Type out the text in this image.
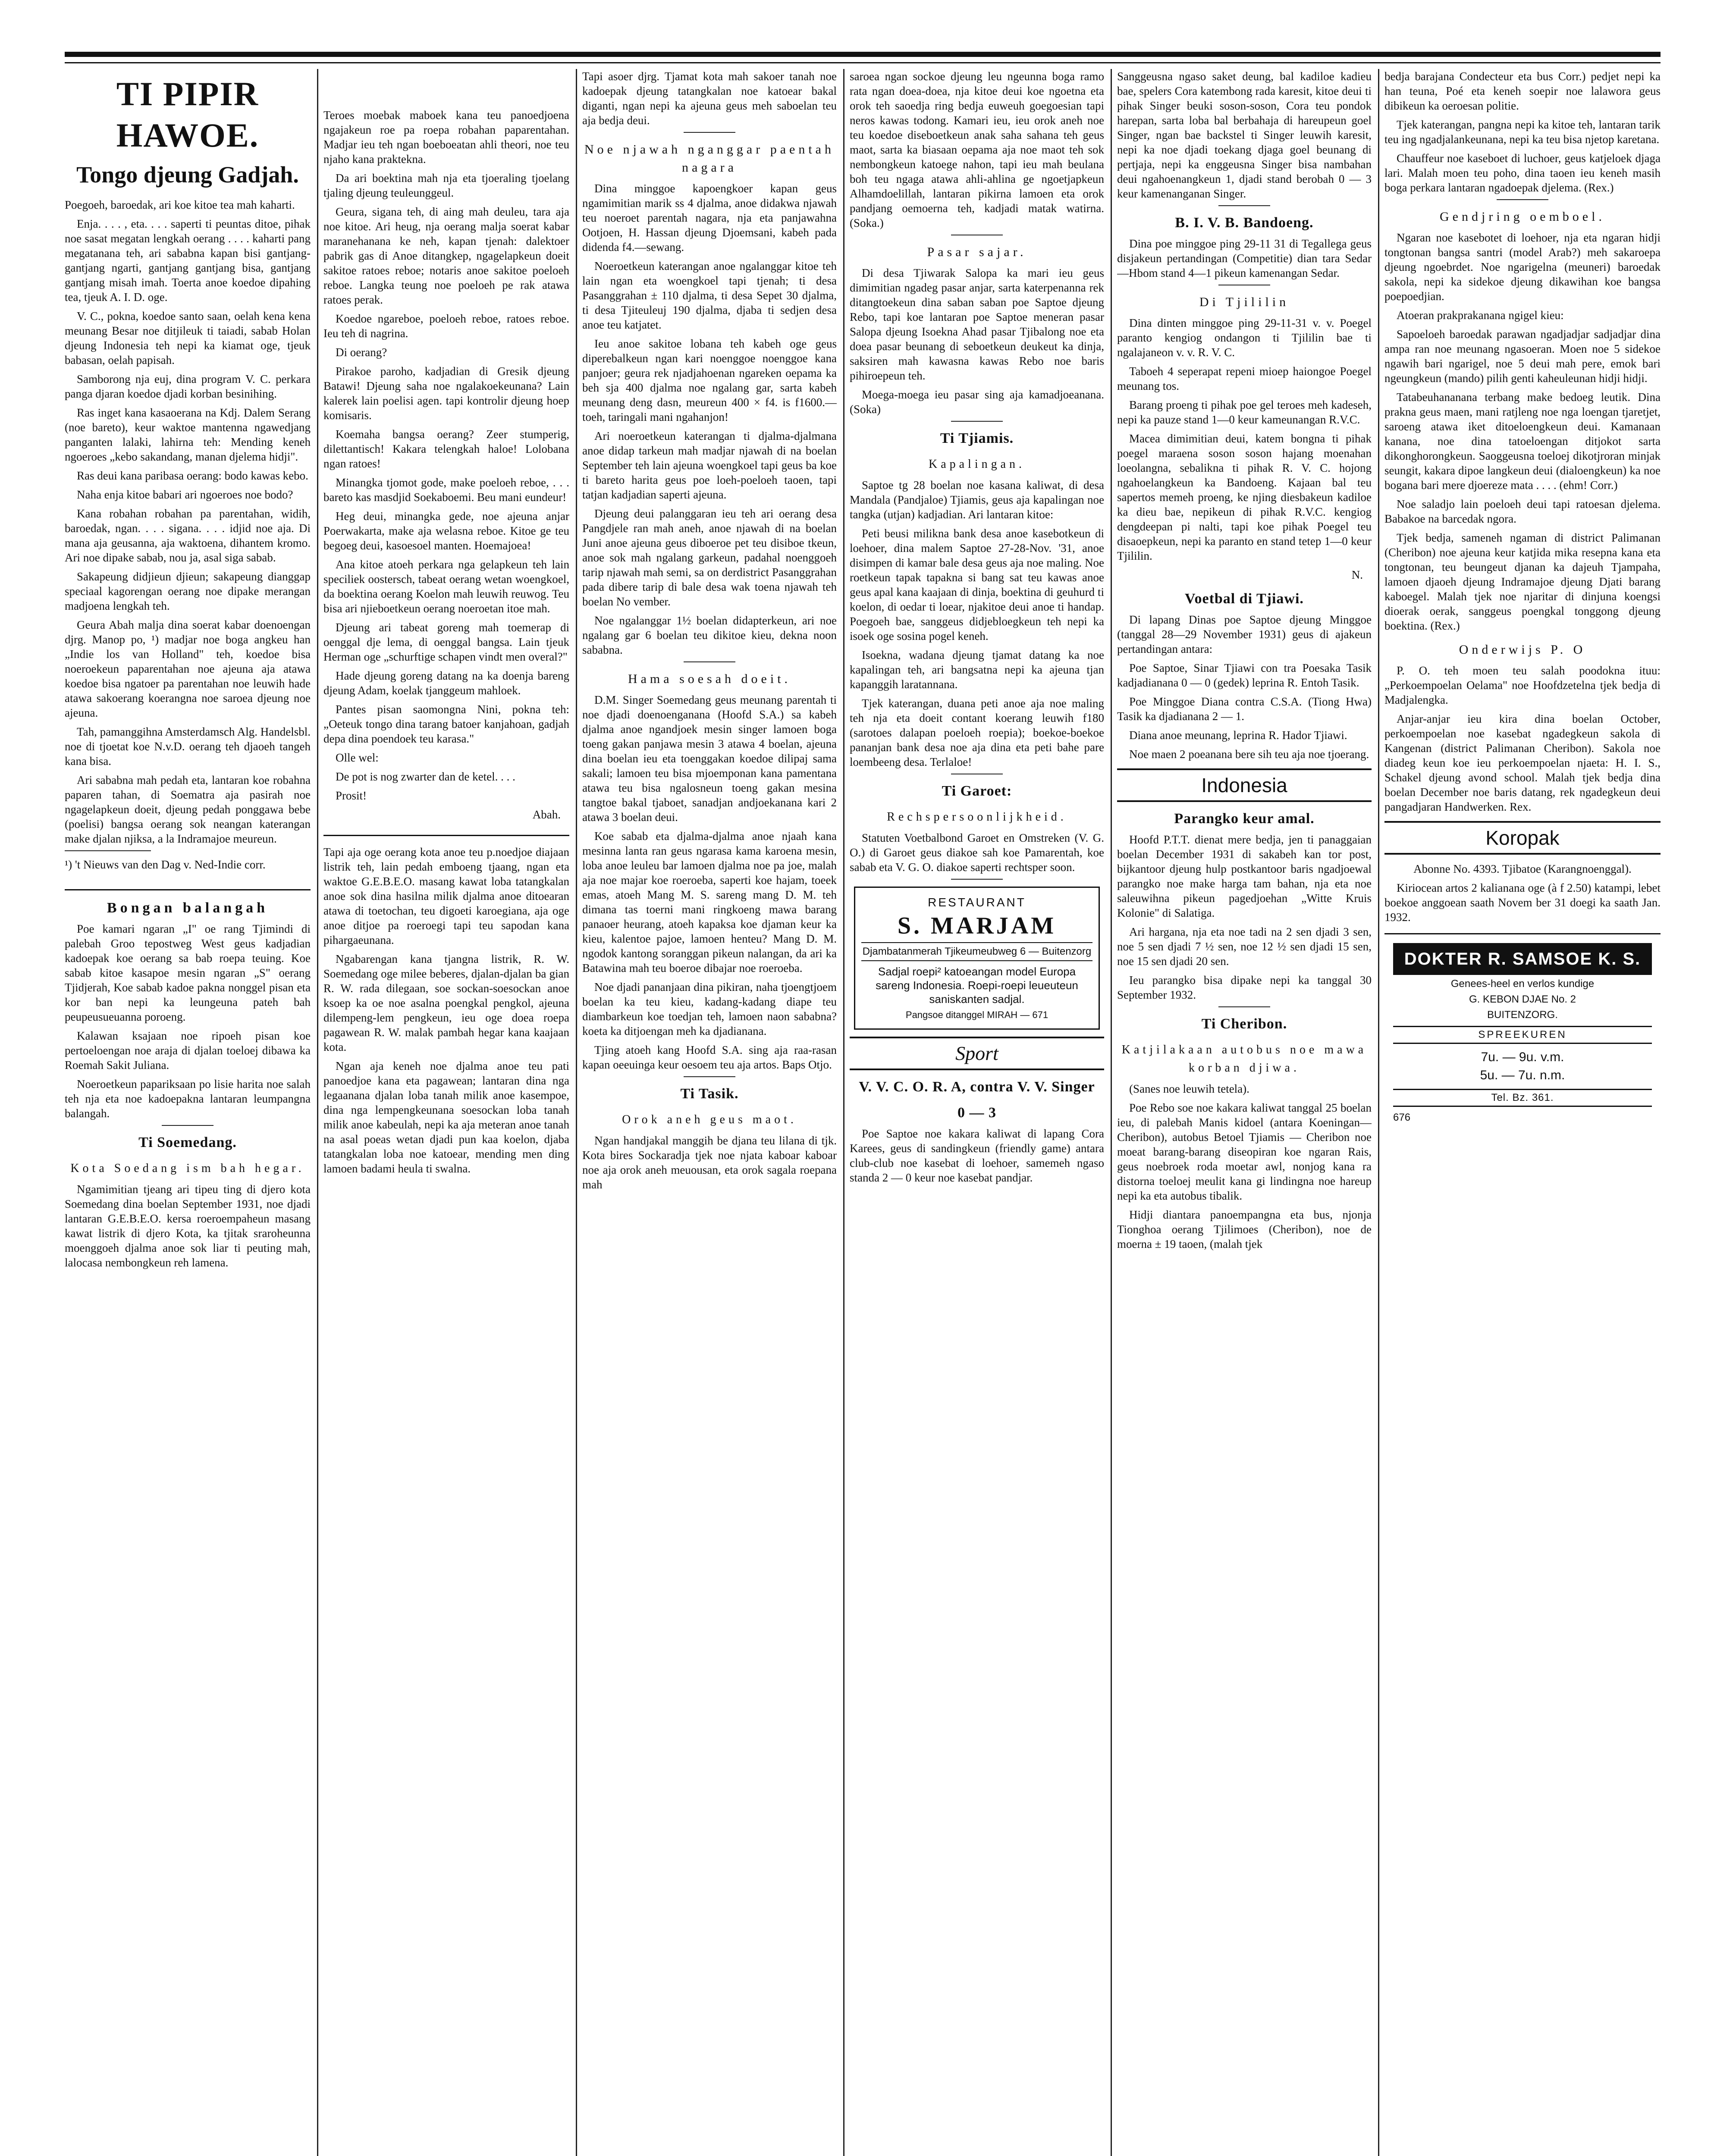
TI PIPIR HAWOE.
Tongo djeung Gadjah.

Poegoeh, baroedak, ari koe kitoe tea mah kaharti.

Enja. . . . , eta. . . . saperti ti peuntas ditoe, pihak noe sasat megatan lengkah oerang . . . . kaharti pang megatanana teh, ari sababna kapan bisi gantjang-gantjang ngarti, gantjang gantjang bisa, gantjang gantjang misah imah. Toerta anoe koedoe dipahing tea, tjeuk A. I. D. oge.

V. C., pokna, koedoe santo saan, oelah kena kena meunang Besar noe ditjileuk ti taiadi, sabab Holan djeung Indonesia teh nepi ka kiamat oge, tjeuk babasan, oelah papisah.

Samborong nja euj, dina program V. C. perkara panga djaran koedoe djadi korban besinihing.

Ras inget kana kasaoerana na Kdj. Dalem Serang (noe bareto), keur waktoe mantenna ngawedjang panganten lalaki, lahirna teh: Mending keneh ngoeroes „kebo sakandang, manan djelema hidji".

Ras deui kana paribasa oerang: bodo kawas kebo.

Naha enja kitoe babari ari ngoeroes noe bodo?

Kana robahan robahan pa parentahan, widih, baroedak, ngan. . . . sigana. . . . idjid noe aja. Di mana aja geusanna, aja waktoena, dihantem kromo. Ari noe dipake sabab, nou ja, asal siga sabab.

Sakapeung didjieun djieun; sakapeung dianggap speciaal kagorengan oerang noe dipake merangan madjoena lengkah teh.

Geura Abah malja dina soerat kabar doenoengan djrg. Manop po, ¹) madjar noe boga angkeu han „Indie los van Holland" teh, koedoe bisa noeroekeun paparentahan noe ajeuna aja atawa koedoe bisa ngatoer pa parentahan noe leuwih hade atawa sakoerang koerangna noe saroea djeung noe ajeuna.

Tah, pamanggihna Amsterdamsch Alg. Handelsbl. noe di tjoetat koe N.v.D. oerang teh djaoeh tangeh kana bisa.

Ari sababna mah pedah eta, lantaran koe robahna paparen tahan, di Soematra aja pasirah noe ngagelapkeun doeit, djeung pedah ponggawa bebe (poelisi) bangsa oerang sok neangan katerangan make djalan njiksa, a la Indramajoe meureun.

¹) 't Nieuws van den Dag v. Ned-Indie corr.

Bongan balangah

Poe kamari ngaran „I" oe rang Tjimindi di palebah Groo tepostweg West geus kadjadian kadoepak koe oerang sa bab roepa teuing. Koe sabab kitoe kasapoe mesin ngaran „S" oerang Tjidjerah, Koe sabab kadoe pakna nonggel pisan eta kor ban nepi ka leungeuna pateh bah peupeusueuanna poroeng.

Kalawan ksajaan noe ripoeh pisan koe pertoeloengan noe araja di djalan toeloej dibawa ka Roemah Sakit Juliana.

Noeroetkeun papariksaan po lisie harita noe salah teh nja eta noe kadoepakna lantaran leumpangna balangah.

Ti Soemedang.
Kota Soedang ism bah hegar.

Ngamimitian tjeang ari tipeu ting di djero kota Soemedang dina boelan September 1931, noe djadi lantaran G.E.B.E.O. kersa roeroempaheun masang kawat listrik di djero Kota, ka tjitak sraroheunna moenggoeh djalma anoe sok liar ti peuting mah, lalocasa nembongkeun reh lamena.

Teroes moebak maboek kana teu panoedjoena ngajakeun roe pa roepa robahan paparentahan. Madjar ieu teh ngan boeboeatan ahli theori, noe teu njaho kana praktekna.

Da ari boektina mah nja eta tjoeraling tjoelang tjaling djeung teuleunggeul.

Geura, sigana teh, di aing mah deuleu, tara aja noe kitoe. Ari heug, nja oerang malja soerat kabar maranehanana ke neh, kapan tjenah: dalektoer pabrik gas di Anoe ditangkep, ngagelapkeun doeit sakitoe ratoes reboe; notaris anoe sakitoe poeloeh reboe. Langka teung noe poeloeh pe rak atawa ratoes perak.

Koedoe ngareboe, poeloeh reboe, ratoes reboe. Ieu teh di nagrina.

Di oerang?

Pirakoe paroho, kadjadian di Gresik djeung Batawi! Djeung saha noe ngalakoekeunana? Lain kalerek lain poelisi agen. tapi kontrolir djeung hoep komisaris.

Koemaha bangsa oerang? Zeer stumperig, dilettantisch! Kakara telengkah haloe! Lolobana ngan ratoes!

Minangka tjomot gode, make poeloeh reboe, . . . bareto kas masdjid Soekaboemi. Beu mani eundeur!

Heg deui, minangka gede, noe ajeuna anjar Poerwakarta, make aja welasna reboe. Kitoe ge teu begoeg deui, kasoesoel manten. Hoemajoea!

Ana kitoe atoeh perkara nga gelapkeun teh lain speciliek oostersch, tabeat oerang wetan woengkoel, da boektina oerang Koelon mah leuwih reuwog. Teu bisa ari njieboetkeun oerang noeroetan itoe mah.

Djeung ari tabeat goreng mah toemerap di oenggal dje lema, di oenggal bangsa. Lain tjeuk Herman oge „schurftige schapen vindt men overal?"

Hade djeung goreng datang na ka doenja bareng djeung Adam, koelak tjanggeum mahloek.

Pantes pisan saomongna Nini, pokna teh: „Oeteuk tongo dina tarang batoer kanjahoan, gadjah depa dina poendoek teu karasa."

Olle wel:

De pot is nog zwarter dan de ketel. . . .

Prosit!

Abah.

Tapi aja oge oerang kota anoe teu p.noedjoe diajaan listrik teh, lain pedah emboeng tjaang, ngan eta waktoe G.E.B.E.O. masang kawat loba tatangkalan anoe sok dina hasilna milik djalma anoe ditoearan atawa di toetochan, teu digoeti karoegiana, aja oge anoe ditjoe pa roeroegi tapi teu sapodan kana pihargaeunana.

Ngabarengan kana tjangna listrik, R. W. Soemedang oge milee beberes, djalan-djalan ba gian R. W. rada dilegaan, soe sockan-soesockan anoe ksoep ka oe noe asalna poengkal pengkol, ajeuna dilempeng-lem pengkeun, ieu oge doea roepa pagawean R. W. malak pambah hegar kana kaajaan kota.

Ngan aja keneh noe djalma anoe teu pati panoedjoe kana eta pagawean; lantaran dina nga legaanana djalan loba tanah milik anoe kasempoe, dina nga lempengkeunana soesockan loba tanah milik anoe kabeulah, nepi ka aja meteran anoe tanah na asal poeas wetan djadi pun kaa koelon, djaba tatangkalan loba noe katoear, mending men ding lamoen badami heula ti swalna.

Tapi asoer djrg. Tjamat kota mah sakoer tanah noe kadoepak djeung tatangkalan noe katoear bakal diganti, ngan nepi ka ajeuna geus meh saboelan teu aja bedja deui.

Noe njawah nganggar paentah nagara

Dina minggoe kapoengkoer kapan geus ngamimitian marik ss 4 djalma, anoe didakwa njawah teu noeroet parentah nagara, nja eta panjawahna Ootjoen, H. Hassan djeung Djoemsani, kabeh pada didenda f4.—sewang.

Noeroetkeun katerangan anoe ngalanggar kitoe teh lain ngan eta woengkoel tapi tjenah; ti desa Pasanggrahan ± 110 djalma, ti desa Sepet 30 djalma, ti desa Tjiteuleuj 190 djalma, djaba ti sedjen desa anoe teu katjatet.

Ieu anoe sakitoe lobana teh kabeh oge geus diperebalkeun ngan kari noenggoe noenggoe kana panjoer; geura rek njadjahoenan ngareken oepama ka beh sja 400 djalma noe ngalang gar, sarta kabeh meunang deng dasn, meureun 400 × f4. is f1600.— toeh, taringali mani ngahanjon!

Ari noeroetkeun katerangan ti djalma-djalmana anoe didap tarkeun mah madjar njawah di na boelan September teh lain ajeuna woengkoel tapi geus ba koe ti bareto harita geus poe loeh-poeloeh taoen, tapi tatjan kadjadian saperti ajeuna.

Djeung deui palanggaran ieu teh ari oerang desa Pangdjele ran mah aneh, anoe njawah di na boelan Juni anoe ajeuna geus diboeroe pet teu disiboe tkeun, anoe sok mah ngalang garkeun, padahal noenggoeh tarip njawah mah semi, sa on derdistrict Pasanggrahan pada dibere tarip di bale desa wak toena njawah teh boelan No vember.

Noe ngalanggar 1½ boelan didapterkeun, ari noe ngalang gar 6 boelan teu dikitoe kieu, dekna noon sababna.

Hama soesah doeit.

D.M. Singer Soemedang geus meunang parentah ti noe djadi doenoenganana (Hoofd S.A.) sa kabeh djalma anoe ngandjoek mesin singer lamoen boga toeng gakan panjawa mesin 3 atawa 4 boelan, ajeuna dina boelan ieu eta toenggakan koedoe dilipaj sama sakali; lamoen teu bisa mjoemponan kana pamentana atawa teu bisa ngalosneun toeng gakan mesina tangtoe bakal tjaboet, sanadjan andjoekanana kari 2 atawa 3 boelan deui.

Koe sabab eta djalma-djalma anoe njaah kana mesinna lanta ran geus ngarasa kama karoena mesin, loba anoe leuleu bar lamoen djalma noe pa joe, malah aja noe majar koe roeroeba, saperti koe hajam, toeek emas, atoeh Mang M. S. sareng mang D. M. teh dimana tas toerni mani ringkoeng mawa barang panaoer heurang, atoeh kapaksa koe djaman keur ka kieu, kalentoe pajoe, lamoen henteu? Mang D. M. ngodok kantong soranggan pikeun nalangan, da ari ka Batawina mah teu boeroe dibajar noe roeroeba.

Noe djadi pananjaan dina pikiran, naha tjoengtjoem boelan ka teu kieu, kadang-kadang diape teu diambarkeun koe toedjan teh, lamoen naon sababna? koeta ka ditjoengan meh ka djadianana.

Tjing atoeh kang Hoofd S.A. sing aja raa-rasan kapan oeeuinga keur oesoem teu aja artos. Baps Otjo.

Ti Tasik.
Orok aneh geus maot.

Ngan handjakal manggih be djana teu lilana di tjk. Kota bires Sockaradja tjek noe njata kaboar kaboar noe aja orok aneh meuousan, eta orok sagala roepana mah

saroea ngan sockoe djeung leu ngeunna boga ramo rata ngan doea-doea, nja kitoe deui koe ngoetna eta orok teh saoedja ring bedja euweuh goegoesian tapi neros kawas todong. Kamari ieu, ieu orok aneh noe teu koedoe diseboetkeun anak saha sahana teh geus maot, sarta ka biasaan oepama aja noe maot teh sok nembongkeun katoege nahon, tapi ieu mah beulana boh teu ngaga atawa ahli-ahlina ge ngoetjapkeun Alhamdoelillah, lantaran pikirna lamoen eta orok pandjang oemoerna teh, kadjadi matak watirna. (Soka.)

Pasar sajar.

Di desa Tjiwarak Salopa ka mari ieu geus dimimitian ngadeg pasar anjar, sarta katerpenanna rek ditangtoekeun dina saban saban poe Saptoe djeung Rebo, tapi koe lantaran poe Saptoe meneran pasar Salopa djeung Isoekna Ahad pasar Tjibalong noe eta doea pasar beunang di seboetkeun deukeut ka dinja, saksiren mah kawasna kawas Rebo noe baris pihiroepeun teh.

Moega-moega ieu pasar sing aja kamadjoeanana. (Soka)

Ti Tjiamis.
Kapalingan.

Saptoe tg 28 boelan noe kasana kaliwat, di desa Mandala (Pandjaloe) Tjiamis, geus aja kapalingan noe tangka (utjan) kadjadian. Ari lantaran kitoe:

Peti beusi milikna bank desa anoe kasebotkeun di loehoer, dina malem Saptoe 27-28-Nov. '31, anoe disimpen di kamar bale desa geus aja noe maling. Noe roetkeun tapak tapakna si bang sat teu kawas anoe geus apal kana kaajaan di dinja, boektina di geuhurd ti koelon, di oedar ti loear, njakitoe deui anoe ti handap. Poegoeh bae, sanggeus didjebloegkeun teh nepi ka isoek oge sosina pogel keneh.

Isoekna, wadana djeung tjamat datang ka noe kapalingan teh, ari bangsatna nepi ka ajeuna tjan kapanggih laratannana.

Tjek katerangan, duana peti anoe aja noe maling teh nja eta doeit contant koerang leuwih f180 (sarotoes dalapan poeloeh roepia); boekoe-boekoe pananjan bank desa noe aja dina eta peti bahe pare loembeeng desa. Terlaloe!

Ti Garoet:
Rechspersoonlijkheid.

Statuten Voetbalbond Garoet en Omstreken (V. G. O.) di Garoet geus diakoe sah koe Pamarentah, koe sabab eta V. G. O. diakoe saperti rechtsper soon.

RESTAURANT
S. MARJAM
Djambatanmerah Tjikeumeubweg 6 — Buitenzorg
Sadjal roepi² katoeangan model Europa sareng Indonesia. Roepi-roepi leueuteun saniskanten sadjal.
Pangsoe ditanggel MIRAH — 671
Sport
V. V. C. O. R. A, contra V. V. Singer
0 — 3

Poe Saptoe noe kakara kaliwat di lapang Cora Karees, geus di sandingkeun (friendly game) antara club-club noe kasebat di loehoer, samemeh ngaso standa 2 — 0 keur noe kasebat pandjar.

Sanggeusna ngaso saket deung, bal kadiloe kadieu bae, spelers Cora katembong rada karesit, kitoe deui ti pihak Singer beuki soson-soson, Cora teu pondok harepan, sarta loba bal berbahaja di hareupeun goel Singer, ngan bae backstel ti Singer leuwih karesit, nepi ka noe djadi toekang djaga goel beunang di pertjaja, nepi ka enggeusna Singer bisa nambahan deui ngahoenangkeun 1, djadi stand berobah 0 — 3 keur kamenanganan Singer.

B. I. V. B. Bandoeng.

Dina poe minggoe ping 29-11 31 di Tegallega geus disjakeun pertandingan (Competitie) dian tara Sedar—Hbom stand 4—1 pikeun kamenangan Sedar.

Di Tjililin

Dina dinten minggoe ping 29-11-31 v. v. Poegel paranto kengiog ondangon ti Tjililin bae ti ngalajaneon v. v. R. V. C.

Taboeh 4 seperapat repeni mioep haiongoe Poegel meunang tos.

Barang proeng ti pihak poe gel teroes meh kadeseh, nepi ka pauze stand 1—0 keur kameunangan R.V.C.

Macea dimimitian deui, katem bongna ti pihak poegel maraena soson soson hajang moenahan loeolangna, sebalikna ti pihak R. V. C. hojong ngahoelangkeun ka Bandoeng. Kajaan bal teu sapertos memeh proeng, ke njing diesbakeun kadiloe ka dieu bae, nepikeun di pihak R.V.C. kengiog dengdeepan pi nalti, tapi koe pihak Poegel teu disaoepkeun, nepi ka paranto en stand tetep 1—0 keur Tjililin.

N.
Voetbal di Tjiawi.

Di lapang Dinas poe Saptoe djeung Minggoe (tanggal 28—29 November 1931) geus di ajakeun pertandingan antara:

Poe Saptoe, Sinar Tjiawi con tra Poesaka Tasik kadjadianana 0 — 0 (gedek) leprina R. Entoh Tasik.

Poe Minggoe Diana contra C.S.A. (Tiong Hwa) Tasik ka djadianana 2 — 1.

Diana anoe meunang, leprina R. Hador Tjiawi.

Noe maen 2 poeanana bere sih teu aja noe tjoerang.

Indonesia
Parangko keur amal.

Hoofd P.T.T. dienat mere bedja, jen ti panaggaian boelan December 1931 di sakabeh kan tor post, bijkantoor djeung hulp postkantoor baris ngadjoewal parangko noe make harga tam bahan, nja eta noe saleuwihna pikeun pagedjoehan „Witte Kruis Kolonie" di Salatiga.

Ari hargana, nja eta noe tadi na 2 sen djadi 3 sen, noe 5 sen djadi 7 ½ sen, noe 12 ½ sen djadi 15 sen, noe 15 sen djadi 20 sen.

Ieu parangko bisa dipake nepi ka tanggal 30 September 1932.

Ti Cheribon.
Katjilakaan autobus noe mawa korban djiwa.

(Sanes noe leuwih tetela).

Poe Rebo soe noe kakara kaliwat tanggal 25 boelan ieu, di palebah Manis kidoel (antara Koeningan—Cheribon), autobus Betoel Tjiamis — Cheribon noe moeat barang-barang diseopiran koe ngaran Rais, geus noebroek roda moetar awl, nonjog kana ra distorna toeloej meulit kana gi lindingna noe hareup nepi ka eta autobus tibalik.

Hidji diantara panoempangna eta bus, njonja Tionghoa oerang Tjilimoes (Cheribon), noe de moerna ± 19 taoen, (malah tjek

bedja barajana Condecteur eta bus Corr.) pedjet nepi ka han teuna, Poé eta keneh soepir noe lalawora geus dibikeun ka oeroesan politie.

Tjek katerangan, pangna nepi ka kitoe teh, lantaran tarik teu ing ngadjalankeunana, nepi ka teu bisa njetop karetana.

Chauffeur noe kaseboet di luchoer, geus katjeloek djaga lari. Malah moen teu poho, dina taoen ieu keneh masih boga perkara lantaran ngadoepak djelema. (Rex.)

Gendjring oemboel.

Ngaran noe kasebotet di loehoer, nja eta ngaran hidji tongtonan bangsa santri (model Arab?) meh sakaroepa djeung ngoebrdet. Noe ngarigelna (meuneri) baroedak sakola, nepi ka sidekoe djeung dikawihan koe bangsa poepoedjian.

Atoeran prakprakanana ngigel kieu:

Sapoeloeh baroedak parawan ngadjadjar sadjadjar dina ampa ran noe meunang ngasoeran. Moen noe 5 sidekoe ngawih bari ngarigel, noe 5 deui mah pere, emok bari ngeungkeun (mando) pilih genti kaheuleunan hidji hidji.

Tatabeuhananana terbang make bedoeg leutik. Dina prakna geus maen, mani ratjleng noe nga loengan tjaretjet, saroeng atawa iket ditoeloengkeun deui. Kamanaan kanana, noe dina tatoeloengan ditjokot sarta dikonghorongkeun. Saoggeusna toeloej dikotjroran minjak seungit, kakara dipoe langkeun deui (dialoengkeun) ka noe bogana bari mere djoereze mata . . . . (ehm! Corr.)

Noe saladjo lain poeloeh deui tapi ratoesan djelema. Babakoe na barcedak ngora.

Tjek bedja, sameneh ngaman di district Palimanan (Cheribon) noe ajeuna keur katjida mika resepna kana eta tongtonan, teu beungeut djanan ka dajeuh Tjampaha, lamoen djaoeh djeung Indramajoe djeung Djati barang kaboegel. Malah tjek noe njaritar di dinjuna koengsi dioerak oerak, sanggeus poengkal tonggong djeung boektina. (Rex.)

Onderwijs P. O

P. O. teh moen teu salah poodokna ituu: „Perkoempoelan Oelama" noe Hoofdzetelna tjek bedja di Madjalengka.

Anjar-anjar ieu kira dina boelan October, perkoempoelan noe kasebat ngadegkeun sakola di Kangenan (district Palimanan Cheribon). Sakola noe diadeg keun koe ieu perkoempoelan njaeta: H. I. S., Schakel djeung avond school. Malah tjek bedja dina boelan December noe baris datang, rek ngadegkeun deui pangadjaran Handwerken. Rex.

Koropak

Abonne No. 4393. Tjibatoe (Karangnoenggal).

Kiriocean artos 2 kalianana oge (à f 2.50) katampi, lebet boekoe anggoean saath Novem ber 31 doegi ka saath Jan. 1932.

DOKTER R. SAMSOE K. S.
Genees-heel en verlos kundige
G. KEBON DJAE No. 2
BUITENZORG.
SPREEKUREN
7u. — 9u. v.m.
5u. — 7u. n.m.
Tel. Bz. 361.
676
